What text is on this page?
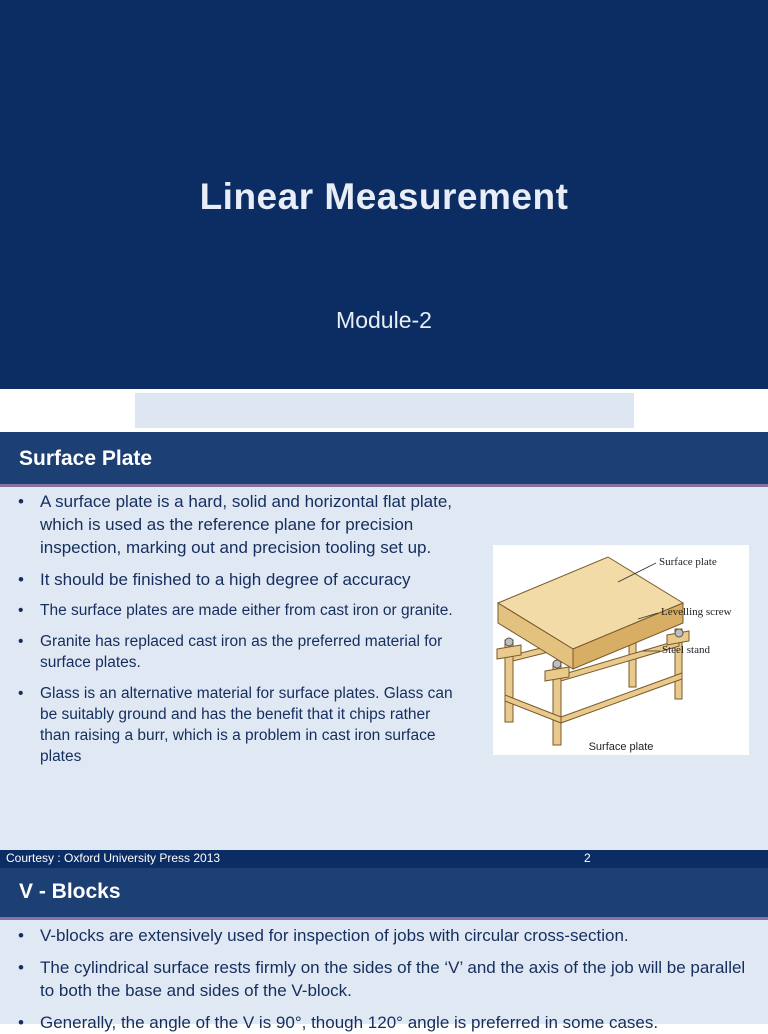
Linear Measurement
Module-2
Surface Plate
• A surface plate is a hard, solid and horizontal flat plate, which is used as the reference plane for precision inspection, marking out and precision tooling set up.
• It should be finished to a high degree of accuracy
• The surface plates are made either from cast iron or granite.
• Granite has replaced cast iron as the preferred material for surface plates.
• Glass is an alternative material for surface plates. Glass can be suitably ground and has the benefit that it chips rather than raising a burr, which is a problem in cast iron surface plates
Surface plate
Levelling screw
Steel stand
Surface plate
Courtesy : Oxford University Press 2013	2
V - Blocks
• V-blocks are extensively used for inspection of jobs with circular cross-section.
• The cylindrical surface rests firmly on the sides of the ‘V’ and the axis of the job will be parallel to both the base and sides of the V-block.
• Generally, the angle of the V is 90°, though 120° angle is preferred in some cases.
